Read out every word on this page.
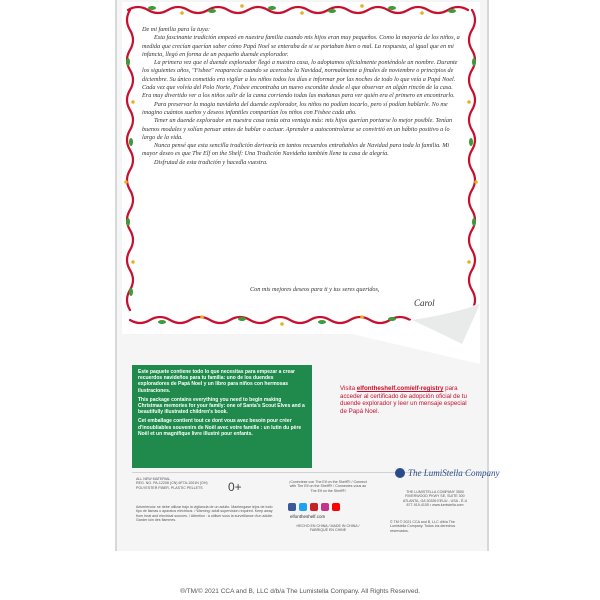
De mi familia para la tuya:

Esta fascinante tradición empezó en nuestra familia cuando mis hijos eran muy pequeños. Como la mayoría de los niños, a medida que crecían querían saber cómo Papá Noel se enteraba de si se portaban bien o mal. La respuesta, al igual que en mi infancia, llegó en forma de un pequeño duende explorador.

La primera vez que el duende explorador llegó a nuestra casa, lo adoptamos oficialmente poniéndole un nombre. Durante los siguientes años, "Fisbee" reaparecía cuando se acercaba la Navidad, normalmente a finales de noviembre o principios de diciembre. Su único cometido era vigilar a los niños todos los días e informar por las noches de todo lo que veía a Papá Noel. Cada vez que volvía del Polo Norte, Fisbee encontraba un nuevo escondite desde el que observar en algún rincón de la casa. Era muy divertido ver a los niños salir de la cama corriendo todas las mañanas para ver quién era el primero en encontrarlo.

Para preservar la magia navideña del duende explorador, los niños no podían tocarlo, pero sí podían hablarle. No me imagino cuántos sueños y deseos infantiles compartían los niños con Fisbee cada año.

Tener un duende explorador en nuestra casa tenía otra ventaja más: mis hijos querían portarse lo mejor posible. Tenían buenos modales y solían pensar antes de hablar o actuar. Aprender a autocontrolarse se convirtió en un hábito positivo a lo largo de la vida.

Nunca pensé que esta sencilla tradición derivaría en tantos recuerdos entrañables de Navidad para toda la familia. Mi mayor deseo es que The Elf on the Shelf: Una Tradición Navideña también llene tu casa de alegría.

Disfrutad de esta tradición y hacedla vuestra.

Con mis mejores deseos para ti y tus seres queridos,
Carol

Este paquete contiene todo lo que necesitas para empezar a crear recuerdos navideños para tu familia: uno de los duendes exploradores de Papá Noel y un libro para niños con hermosas ilustraciones.

This package contains everything you need to begin making Christmas memories for your family: one of Santa's Scout Elves and a beautifully illustrated children's book.

Cet emballage contient tout ce dont vous avez besoin pour créer d'inoubliables souvenirs de Noël avec votre famille : un lutin du père Noël et un magnifique livre illustré pour enfants.

Visita elfontheshelf.com/elf-registry para acceder al certificado de adopción oficial de tu duende explorador y leer un mensaje especial de Papá Noel.
ALL NEW MATERIAL
REG. NO. PA-12208 (CN) 6F7A-1001N (OH)
POLYESTER FIBER, PLASTIC PELLETS	0+
Advertencia: se debe utilizar bajo la vigilancia de un adulto. Mantengase lejos de todo tipo de llamas o aparatos eléctricos. / Warning: adult supervision required. Keep away from heat and electrical sources. / Attention : à utiliser sous la surveillance d'un adulte. Garder loin des flammes.
¡Conéctese con The Elf on the Shelf®! / Connect with The Elf on the Shelf®! / Connectez-vous au The Elf on the Shelf®!
elfontheshelf.com
HECHO EN CHINA / MADE IN CHINA / FABRIQUÉ EN CHINE
The LumiStella Company
THE LUMISTELLA COMPANY 3550 RIVERWOOD PKWY SE, SUITE 300 ATLANTA, GA 30339 EEUU - USA - É-U 877-919-4105 • www.lumistella.com
© TM © 2021 CCA and B, LLC d/b/a The Lumistella Company. Todos los derechos reservados.
®/TM/© 2021 CCA and B, LLC d/b/a The Lumistella Company. All Rights Reserved.
